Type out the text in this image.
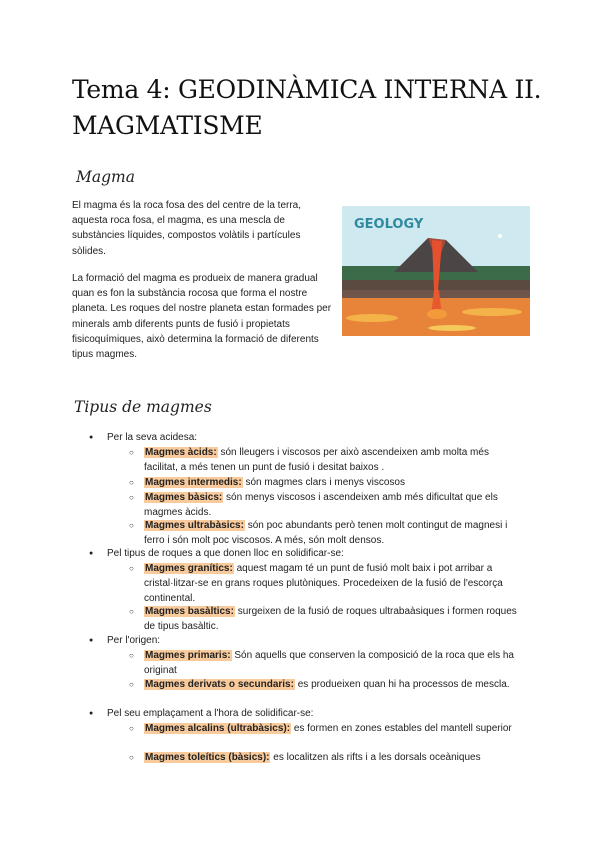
Tema 4: GEODINÀMICA INTERNA II.
MAGMATISME
Magma
El magma és la roca fosa des del centre de la terra, aquesta roca fosa, el magma, es una mescla de substàncies líquides, compostos volàtils i partícules sòlides.
La formació del magma es produeix de manera gradual quan es fon la substància rocosa que forma el nostre planeta. Les roques del nostre planeta estan formades per minerals amb diferents punts de fusió i propietats fisicoquímiques, això determina la formació de diferents tipus magmes.
GEOLOGY
Tipus de magmes
● Per la seva acidesa:
○ Magmes àcids: són lleugers i viscosos per això ascendeixen amb molta més facilitat, a més tenen un punt de fusió i desitat baixos .
○ Magmes intermedis: són magmes clars i menys viscosos
○ Magmes bàsics: són menys viscosos i ascendeixen amb més dificultat que els magmes àcids.
○ Magmes ultrabàsics: són poc abundants però tenen molt contingut de magnesi i ferro i són molt poc viscosos. A més, són molt densos.
● Pel tipus de roques a que donen lloc en solidificar-se:
○ Magmes granítics: aquest magam té un punt de fusió molt baix i pot arribar a cristal·litzar-se en grans roques plutòniques. Procedeixen de la fusió de l'escorça continental.
○ Magmes basàltics: surgeixen de la fusió de roques ultrabaàsiques i formen roques de tipus basàltic.
● Per l'origen:
○ Magmes primaris: Són aquells que conserven la composició de la roca que els ha originat
○ Magmes derivats o secundaris: es produeixen quan hi ha processos de mescla.
● Pel seu emplaçament a l'hora de solidificar-se:
○ Magmes alcalins (ultrabàsics): es formen en zones estables del mantell superior
○ Magmes toleítics (bàsics): es localitzen als rifts i a les dorsals oceàniques
